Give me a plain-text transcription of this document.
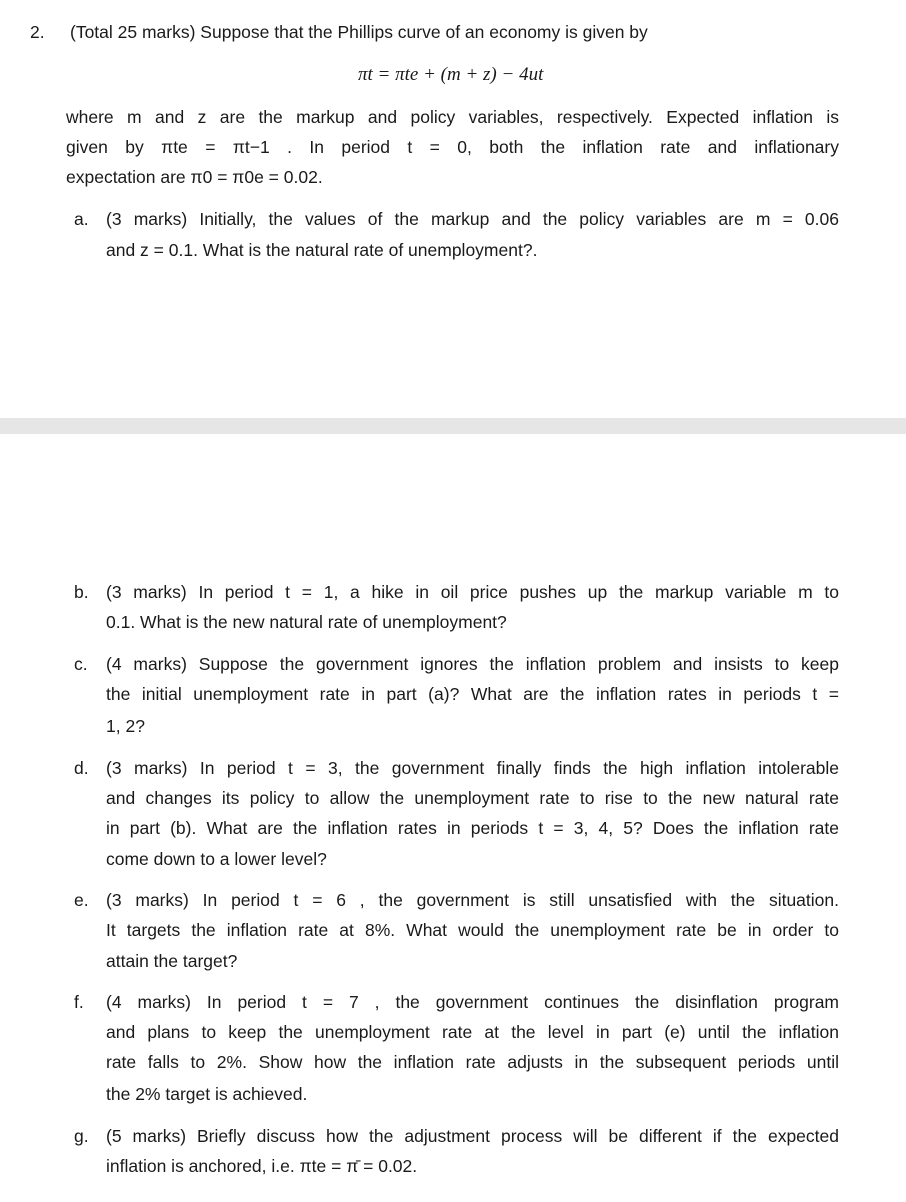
2. (Total 25 marks) Suppose that the Phillips curve of an economy is given by
πt = πte + (m + z) − 4ut
where m and z are the markup and policy variables, respectively. Expected inflation is
given by πte = πt−1 . In period t = 0, both the inflation rate and inflationary
expectation are π0 = π0e = 0.02.
a. (3 marks) Initially, the values of the markup and the policy variables are m = 0.06
and z = 0.1. What is the natural rate of unemployment?.
b. (3 marks) In period t = 1, a hike in oil price pushes up the markup variable m to
0.1. What is the new natural rate of unemployment?
c. (4 marks) Suppose the government ignores the inflation problem and insists to keep
the initial unemployment rate in part (a)? What are the inflation rates in periods t =
1, 2?
d. (3 marks) In period t = 3, the government finally finds the high inflation intolerable
and changes its policy to allow the unemployment rate to rise to the new natural rate
in part (b). What are the inflation rates in periods t = 3, 4, 5? Does the inflation rate
come down to a lower level?
e. (3 marks) In period t = 6 , the government is still unsatisfied with the situation.
It targets the inflation rate at 8%. What would the unemployment rate be in order to
attain the target?
f. (4 marks) In period t = 7 , the government continues the disinflation program
and plans to keep the unemployment rate at the level in part (e) until the inflation
rate falls to 2%. Show how the inflation rate adjusts in the subsequent periods until
the 2% target is achieved.
g. (5 marks) Briefly discuss how the adjustment process will be different if the expected
inflation is anchored, i.e. πte = π̄ = 0.02.
